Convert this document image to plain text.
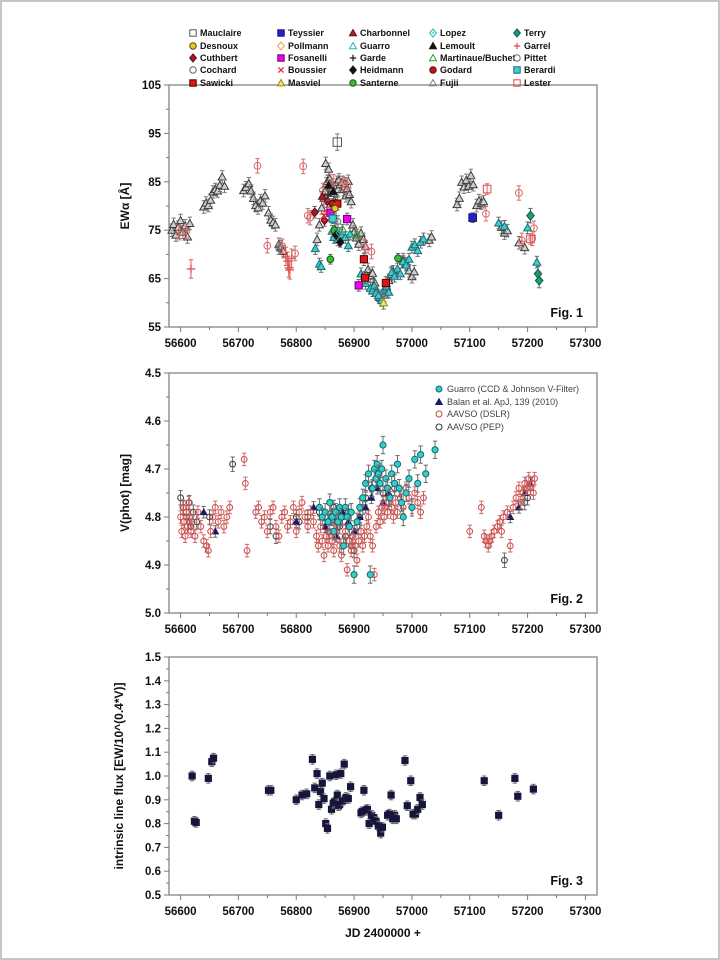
56600 56700 56800 56900 57000 57100 57200 57300
55
65
75
85
95
105
Fig. 1
EWα [Å]
56600 56700 56800 56900 57000 57100 57200 57300
4.5
4.6
4.7
4.8
4.9
5.0
Fig. 2
V(phot) [mag]
56600 56700 56800 56900 57000 57100 57200 57300
0.5
0.6
0.7
0.8
0.9
1.0
1.1
1.2
1.3
1.4
1.5
Fig. 3
intrinsic line flux [EW/10^(0.4*V)]
JD 2400000 +
Mauclaire
Desnoux
Cuthbert
Cochard
Sawicki
Teyssier
Pollmann
Fosanelli
Boussier
Masviel
Charbonnel
Guarro
Garde
Heidmann
Santerne
Lopez
Lemoult
Martinaue/Buchet
Godard
Fujii
Terry
Garrel
Pittet
Berardi
Lester
Guarro (CCD & Johnson V-Filter)
Balan et al. ApJ, 139 (2010)
AAVSO (DSLR)
AAVSO (PEP)
